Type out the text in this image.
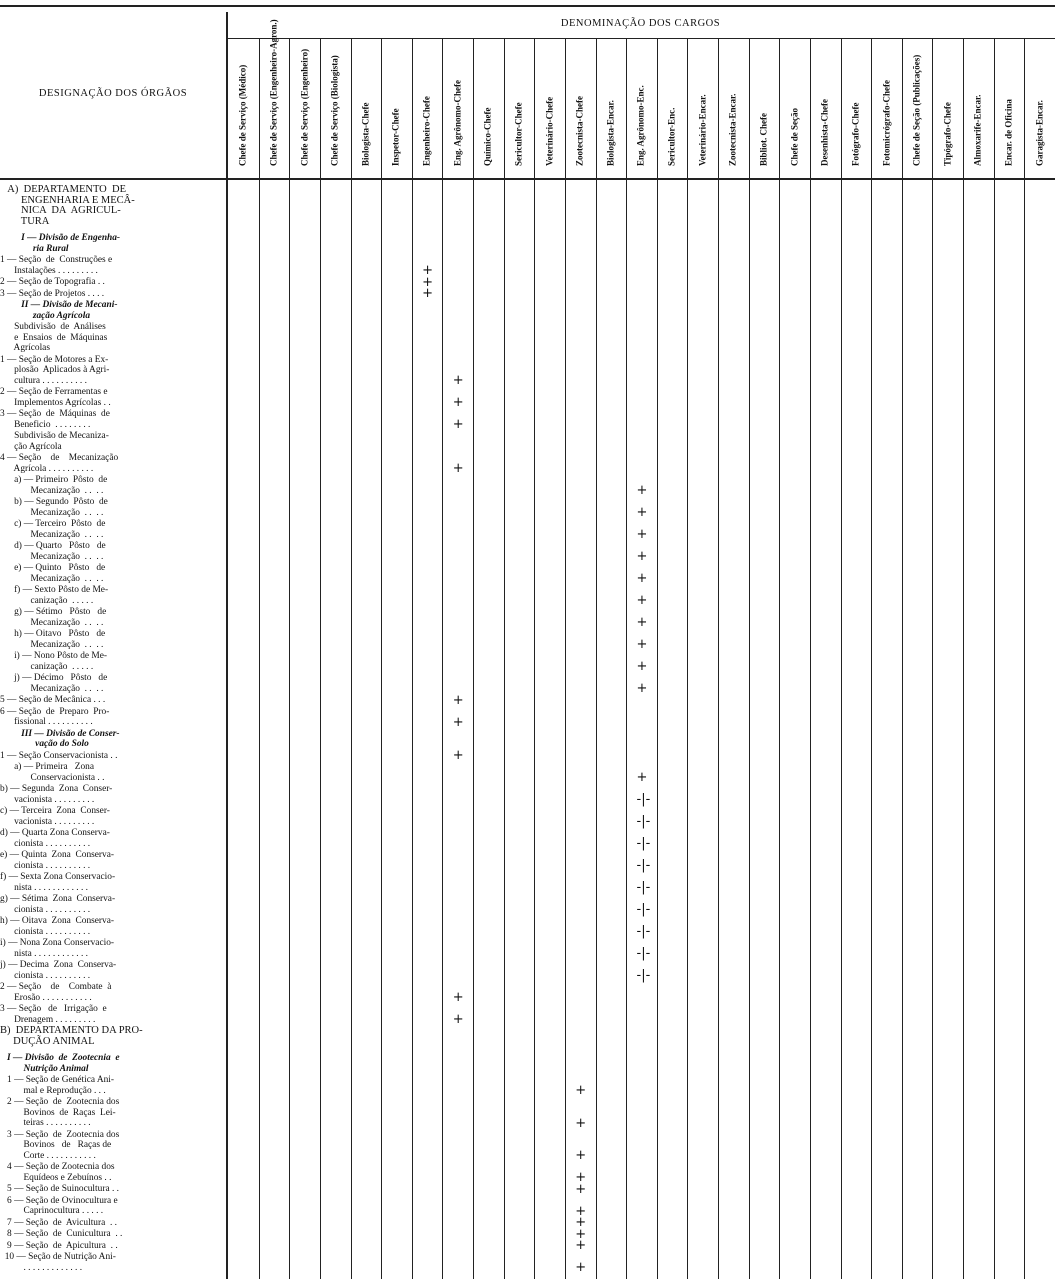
DESIGNAÇÃO DOS ÓRGÃOS
DENOMINAÇÃO DOS CARGOS
Chefe de Serviço (Médico) Chefe de Serviço (Engenheiro-Agron.) Chefe de Serviço (Engenheiro) Chefe de Serviço (Biologista) Biologista-Chefe Inspetor-Chefe Engenheiro-Chefe Eng. Agrônomo-Chefe Químico-Chefe Sericultor-Chefe Veterinário-Chefe Zootecnista-Chefe Biologista-Encar. Eng. Agrônomo-Enc. Sericultor-Enc. Veterinário-Encar. Zootecnista-Encar. Bibliot. Chefe Chefe de Seção Desenhista-Chefe Fotógrafo-Chefe Fotomicrógrafo-Chefe Chefe de Seção (Publicações) Tipógrafo-Chefe Almoxarife-Encar. Encar. de Oficina Garagista-Encar.
A)  DEPARTAMENTO  DE
ENGENHARIA E MECÂ-
NICA  DA  AGRICUL-
TURA
I — Divisão de Engenha-
ria Rural
1 — Seção  de  Construções e
Instalações . . . . . . . . .
2 — Seção de Topografia . .
3 — Seção de Projetos . . . .
II — Divisão de Mecani-
zação Agrícola
Subdivisão  de  Análises
e  Ensaios  de  Máquinas
Agrícolas
1 — Seção de Motores a Ex-
plosão  Aplicados à Agri-
cultura . . . . . . . . . .
2 — Seção de Ferramentas e
Implementos Agrícolas . .
3 — Seção  de  Máquinas  de
Beneficio  . . . . . . . .
Subdivisão de Mecaniza-
ção Agrícola
4 — Seção    de    Mecanização
Agrícola . . . . . . . . . .
a) — Primeiro  Pôsto  de
Mecanização  . .  . .
b) — Segundo  Pôsto  de
Mecanização  . .  . .
c) — Terceiro  Pôsto  de
Mecanização  . .  . .
d) — Quarto   Pôsto   de
Mecanização  . .  . .
e) — Quinto   Pôsto   de
Mecanização  . .  . .
f) — Sexto Pôsto de Me-
canização  . . . . .
g) — Sétimo   Pôsto   de
Mecanização  . .  . .
h) — Oitavo   Pôsto   de
Mecanização  . .  . .
i) — Nono Pôsto de Me-
canização  . . . . .
j) — Décimo   Pôsto   de
Mecanização  . .  . .
5 — Seção de Mecânica . . .
6 — Seção  de  Preparo  Pro-
fissional . . . . . . . . . .
III — Divisão de Conser-
vação do Solo
1 — Seção Conservacionista . .
a) — Primeira   Zona
Conservacionista . .
b) — Segunda  Zona  Conser-
vacionista . . . . . . . . .
c) — Terceira  Zona  Conser-
vacionista . . . . . . . . .
d) — Quarta Zona Conserva-
cionista . . . . . . . . . .
e) — Quinta  Zona  Conserva-
cionista . . . . . . . . . .
f) — Sexta Zona Conservacio-
nista . . . . . . . . . . . .
g) — Sétima  Zona  Conserva-
cionista . . . . . . . . . .
h) — Oitava  Zona  Conserva-
cionista . . . . . . . . . .
i) — Nona Zona Conservacio-
nista . . . . . . . . . . . .
j) — Decima  Zona  Conserva-
cionista . . . . . . . . . .
2 — Seção    de    Combate  à
Erosão . . . . . . . . . . .
3 — Seção   de   Irrigação  e
Drenagem . . . . . . . . .
B)  DEPARTAMENTO DA PRO-
DUÇÃO ANIMAL
I — Divisão  de  Zootecnia  e
Nutrição Animal
1 — Seção de Genética Ani-
mal e Reprodução . . .
2 — Seção  de  Zootecnia dos
Bovinos  de  Raças  Lei-
teiras . . . . . . . . . .
3 — Seção  de  Zootecnia dos
Bovinos   de   Raças de
Corte . . . . . . . . . . .
4 — Seção de Zootecnia dos
Equídeos e Zebuínos . .
5 — Seção de Suinocultura . .
6 — Seção de Ovinocultura e
Caprinocultura . . . . .
7 — Seção  de  Avicultura  . .
8 — Seção  de  Cunicultura  . .
9 — Seção  de  Apicultura  . .
10 — Seção de Nutrição Ani-
. . . . . . . . . . . . .
+
+
+
+
+
+
+
+
+
+
+
+
+
+
+
+
+
+
+
+
+
-|-
-|-
-|-
-|-
-|-
-|-
-|-
-|-
-|-
+
+
+
+
+
+
+
+
+
+
+
+
